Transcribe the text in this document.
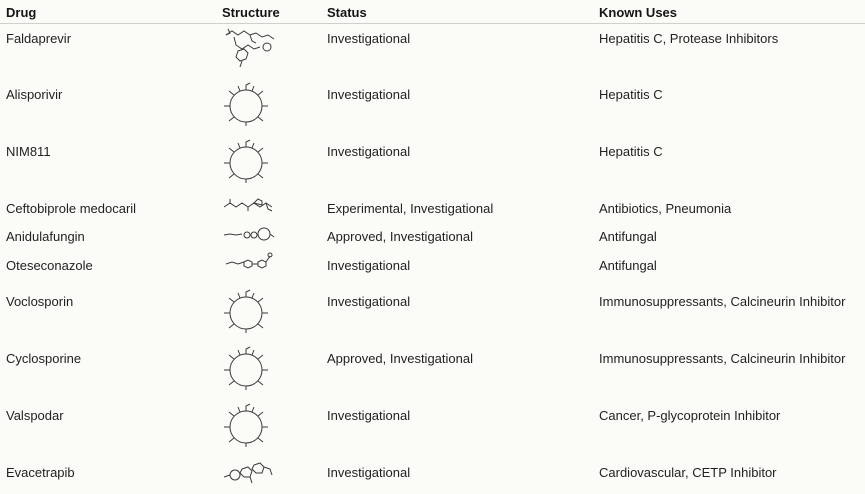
Drug	Structure	Status	Known Uses
Faldaprevir	Investigational	Hepatitis C, Protease Inhibitors
Alisporivir	Investigational	Hepatitis C
NIM811	Investigational	Hepatitis C
Ceftobiprole medocaril	Experimental, Investigational	Antibiotics, Pneumonia
Anidulafungin	Approved, Investigational	Antifungal
Oteseconazole	Investigational	Antifungal
Voclosporin	Investigational	Immunosuppressants, Calcineurin Inhibitor
Cyclosporine	Approved, Investigational	Immunosuppressants, Calcineurin Inhibitor
Valspodar	Investigational	Cancer, P-glycoprotein Inhibitor
Evacetrapib	Investigational	Cardiovascular, CETP Inhibitor
